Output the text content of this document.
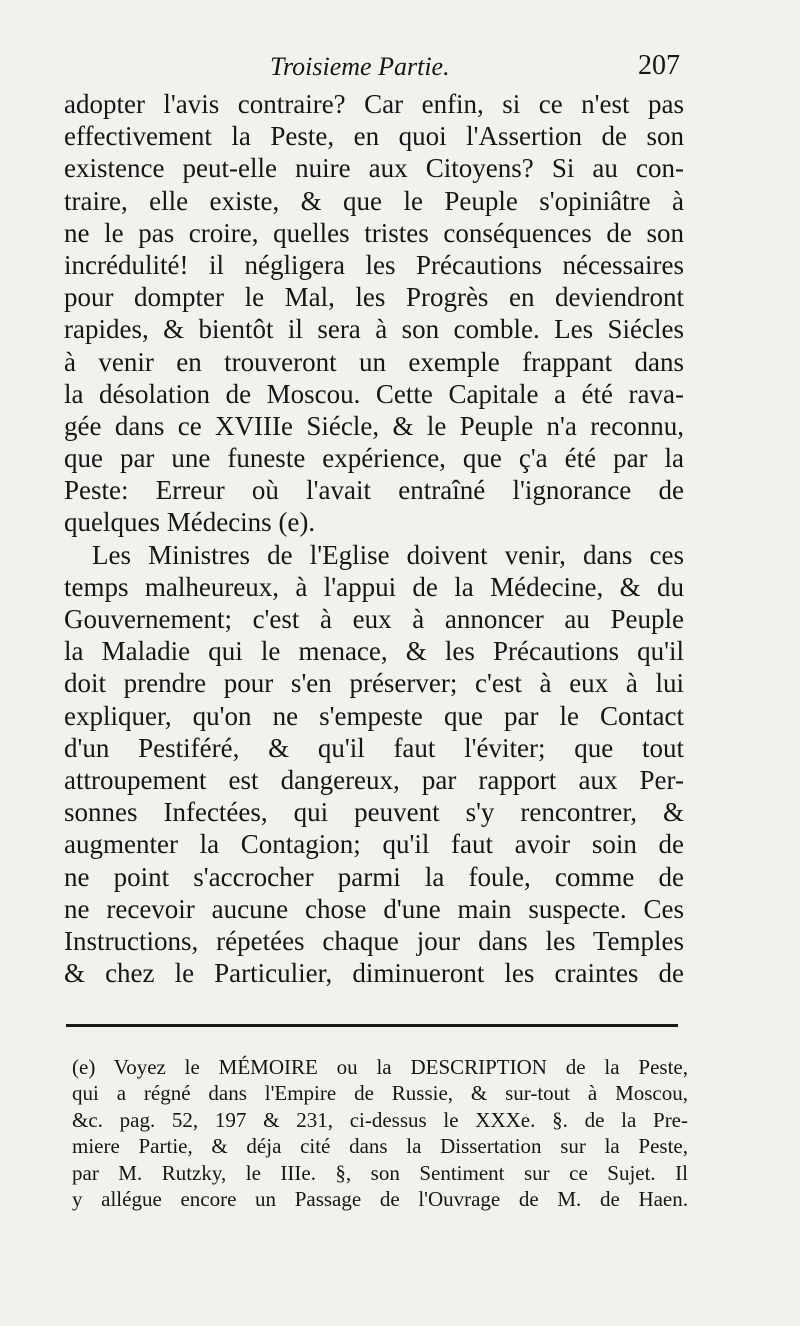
Troisieme Partie.	207
adopter l'avis contraire? Car enfin, si ce n'est pas
effectivement la Peste, en quoi l'Assertion de son
existence peut-elle nuire aux Citoyens? Si au con-
traire, elle existe, & que le Peuple s'opiniâtre à
ne le pas croire, quelles tristes conséquences de son
incrédulité! il négligera les Précautions nécessaires
pour dompter le Mal, les Progrès en deviendront
rapides, & bientôt il sera à son comble. Les Siécles
à venir en trouveront un exemple frappant dans
la désolation de Moscou. Cette Capitale a été rava-
gée dans ce XVIIIe Siécle, & le Peuple n'a reconnu,
que par une funeste expérience, que ç'a été par la
Peste: Erreur où l'avait entraîné l'ignorance de
quelques Médecins (e).
Les Ministres de l'Eglise doivent venir, dans ces
temps malheureux, à l'appui de la Médecine, & du
Gouvernement; c'est à eux à annoncer au Peuple
la Maladie qui le menace, & les Précautions qu'il
doit prendre pour s'en préserver; c'est à eux à lui
expliquer, qu'on ne s'empeste que par le Contact
d'un Pestiféré, & qu'il faut l'éviter; que tout
attroupement est dangereux, par rapport aux Per-
sonnes Infectées, qui peuvent s'y rencontrer, &
augmenter la Contagion; qu'il faut avoir soin de
ne point s'accrocher parmi la foule, comme de
ne recevoir aucune chose d'une main suspecte. Ces
Instructions, répetées chaque jour dans les Temples
& chez le Particulier, diminueront les craintes de
(e) Voyez le MÉMOIRE ou la DESCRIPTION de la Peste,
qui a régné dans l'Empire de Russie, & sur-tout à Moscou,
&c. pag. 52, 197 & 231, ci-dessus le XXXe. §. de la Pre-
miere Partie, & déja cité dans la Dissertation sur la Peste,
par M. Rutzky, le IIIe. §, son Sentiment sur ce Sujet. Il
y allégue encore un Passage de l'Ouvrage de M. de Haen.
